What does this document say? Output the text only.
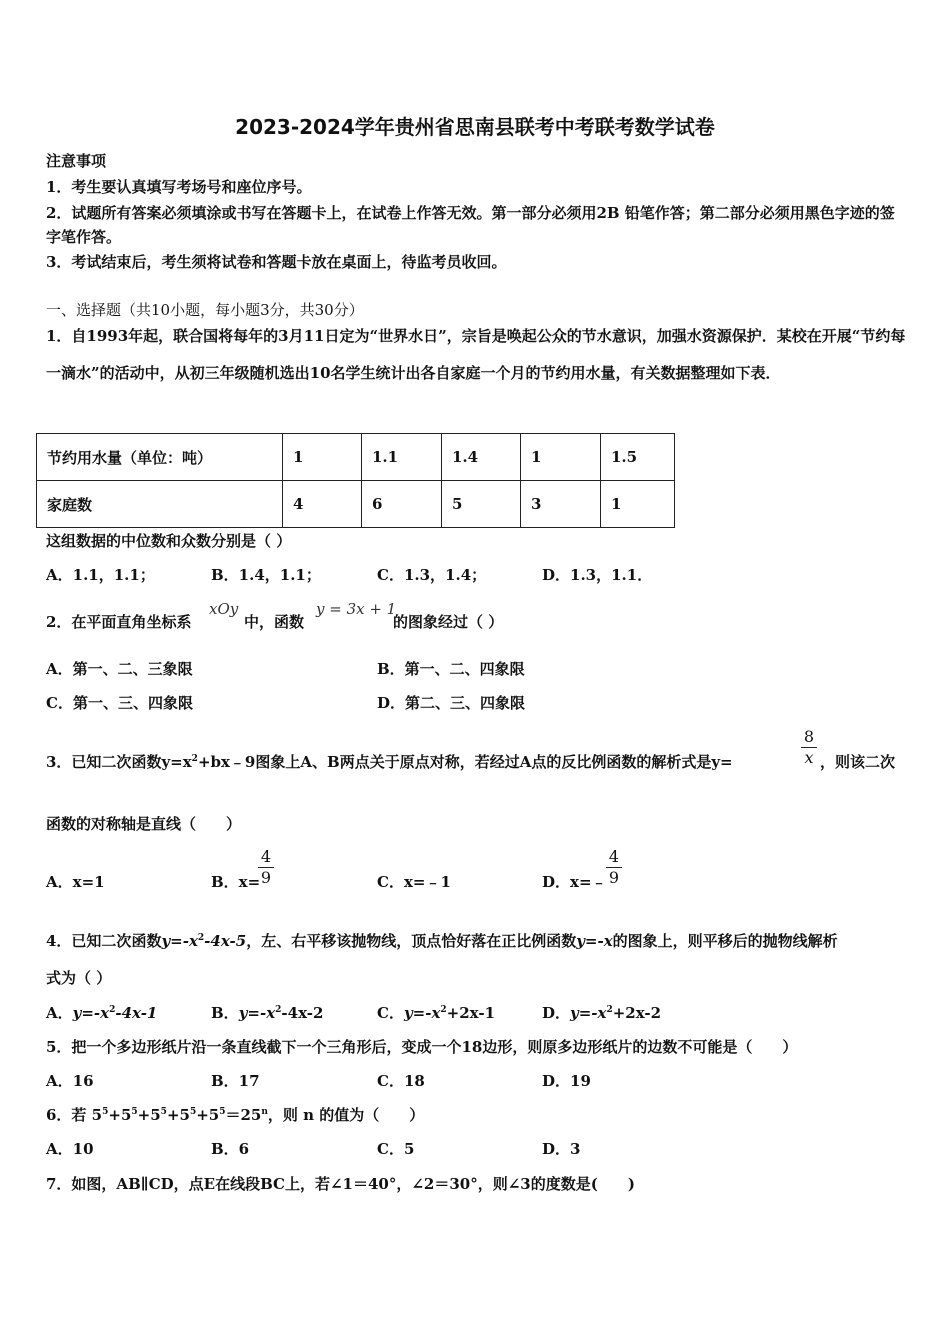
2023-2024学年贵州省思南县联考中考联考数学试卷
注意事项
1．考生要认真填写考场号和座位序号。
2．试题所有答案必须填涂或书写在答题卡上，在试卷上作答无效。第一部分必须用2B 铅笔作答；第二部分必须用黑色字迹的签字笔作答。
3．考试结束后，考生须将试卷和答题卡放在桌面上，待监考员收回。
一、选择题（共10小题，每小题3分，共30分）
1．自1993年起，联合国将每年的3月11日定为“世界水日”，宗旨是唤起公众的节水意识，加强水资源保护．某校在开展“节约每一滴水”的活动中，从初三年级随机选出10名学生统计出各自家庭一个月的节约用水量，有关数据整理如下表．
节约用水量（单位：吨）	1	1.1	1.4	1	1.5
家庭数	4	6	5	3	1
这组数据的中位数和众数分别是（ ）
A．1.1，1.1；	B．1.4，1.1；	C．1.3，1.4；	D．1.3，1.1．
2．在平面直角坐标系
xOy
中，函数
y = 3x + 1
的图象经过（ ）
A．第一、二、三象限	B．第一、二、四象限
C．第一、三、四象限	D．第二、三、四象限
3．已知二次函数$y=x^2+bx﹣9$图象上A、B两点关于原点对称，若经过A点的反比例函数的解析式是y=
8
x ，则该二次
函数的对称轴是直线（　　）
A．x=1	B．x=
4
9	C．x=﹣1	D．x=﹣
4
9
4．已知二次函数$y=-x^2-4x-5$，左、右平移该抛物线，顶点恰好落在正比例函数y=-x的图象上，则平移后的抛物线解析
式为（ ）
A．$y=-x^2-4x-1$	B．$y=-x^2-4x-2$	C．$y=-x^2+2x-1$	D．$y=-x^2+2x-2$
5．把一个多边形纸片沿一条直线截下一个三角形后，变成一个18边形，则原多边形纸片的边数不可能是（　　）
A．16	B．17	C．18	D．19
6．若 $5^5+5^5+5^5+5^5+5^5=25^n$，则 n 的值为（　　）
A．10	B．6	C．5	D．3
7．如图，AB∥CD，点E在线段BC上，若∠1＝40°，∠2＝30°，则∠3的度数是(　　)
